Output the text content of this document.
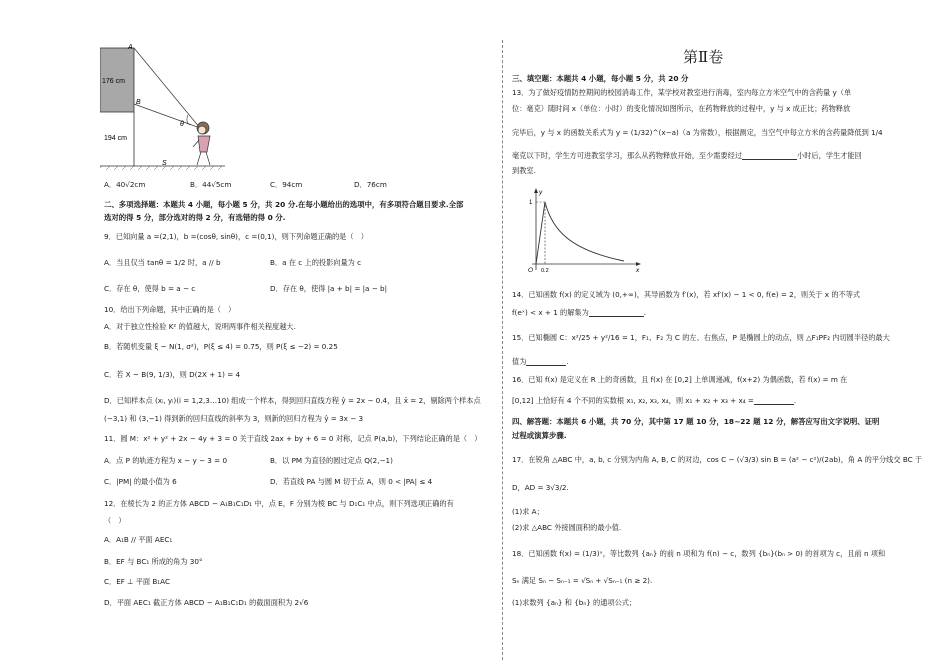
A
B
S
θ
176 cm
194 cm
A．40√2cm	B．44√5cm	C．94cm	D．76cm
二、多项选择题：本题共 4 小题，每小题 5 分，共 20 分.在每小题给出的选项中，有多项符合题目要求.全部
选对的得 5 分，部分选对的得 2 分，有选错的得 0 分.
9．已知向量 a =(2,1)，b =(cosθ, sinθ)，c =(0,1)，则下列命题正确的是（　）
A．当且仅当 tanθ = 1/2 时，a // b	B．a 在 c 上的投影向量为 c
C．存在 θ，使得 b = a − c	D．存在 θ，使得 |a + b| = |a − b|
10．给出下列命题，其中正确的是（　）
A．对于独立性检验 K² 的值越大，说明两事件相关程度越大.
B．若随机变量 ξ ~ N(1, σ²)，P(ξ ≤ 4) = 0.75，则 P(ξ ≤ −2) = 0.25
C．若 X ~ B(9, 1/3)，则 D(2X + 1) = 4
D．已知样本点 (xᵢ, yᵢ)(i = 1,2,3…10) 组成一个样本，得到回归直线方程 ŷ = 2x − 0.4，且 x̄ = 2，剔除两个样本点
(−3,1) 和 (3,−1) 得到新的回归直线的斜率为 3，则新的回归方程为 ŷ = 3x − 3
11．圆 M：x² + y² + 2x − 4y + 3 = 0 关于直线 2ax + by + 6 = 0 对称，记点 P(a,b)，下列结论正确的是（　）
A．点 P 的轨迹方程为 x − y − 3 = 0	B．以 PM 为直径的圆过定点 Q(2,−1)
C．|PM| 的最小值为 6	D．若直线 PA 与圆 M 切于点 A，则 0 < |PA| ≤ 4
12．在棱长为 2 的正方体 ABCD − A₁B₁C₁D₁ 中，点 E，F 分别为棱 BC 与 D₁C₁ 中点，则下列选项正确的有
（　）
A．A₁B // 平面 AEC₁
B．EF 与 BC₁ 所成的角为 30°
C．EF ⊥ 平面 B₁AC
D．平面 AEC₁ 截正方体 ABCD − A₁B₁C₁D₁ 的截面面积为 2√6
第Ⅱ卷
三、填空题：本题共 4 小题，每小题 5 分，共 20 分
13．为了做好疫情防控期间的校园消毒工作，某学校对教室进行消毒，室内每立方米空气中的含药量 y（单
位：毫克）随时间 x（单位：小时）的变化情况如图所示，在药物释放的过程中，y 与 x 成正比；药物释放
完毕后，y 与 x 的函数关系式为 y = (1/32)^(x−a)（a 为常数），根据测定，当空气中每立方米的含药量降低到 1/4
毫克以下时，学生方可进教室学习，那么从药物释放开始，至少需要经过	小时后，学生才能回
到教室.
y
x
O 0.2
1
14．已知函数 f(x) 的定义域为 (0,+∞)，其导函数为 f′(x)，若 xf′(x) − 1 < 0, f(e) = 2，则关于 x 的不等式
f(eˣ) < x + 1 的解集为	.
15．已知椭圆 C：x²/25 + y²/16 = 1，F₁、F₂ 为 C 的左、右焦点，P 是椭圆上的动点，则 △F₁PF₂ 内切圆半径的最大
值为	.
16．已知 f(x) 是定义在 R 上的奇函数，且 f(x) 在 [0,2] 上单调递减，f(x+2) 为偶函数，若 f(x) = m 在
[0,12] 上恰好有 4 个不同的实数根 x₁, x₂, x₃, x₄，则 x₁ + x₂ + x₃ + x₄ =	.
四、解答题：本题共 6 小题，共 70 分，其中第 17 题 10 分，18~22 题 12 分，解答应写出文字说明、证明
过程或演算步骤.
17．在锐角 △ABC 中，a, b, c 分别为内角 A, B, C 的对边，cos C − (√3/3) sin B = (a² − c²)/(2ab)，角 A 的平分线交 BC 于
D，AD = 3√3/2.
(1)求 A；
(2)求 △ABC 外接圆面积的最小值.
18．已知函数 f(x) = (1/3)ˣ，等比数列 {aₙ} 的前 n 项和为 f(n) − c，数列 {bₙ}(bₙ > 0) 的首项为 c，且前 n 项和
Sₙ 满足 Sₙ − Sₙ₋₁ = √Sₙ + √Sₙ₋₁ (n ≥ 2).
(1)求数列 {aₙ} 和 {bₙ} 的通项公式；
